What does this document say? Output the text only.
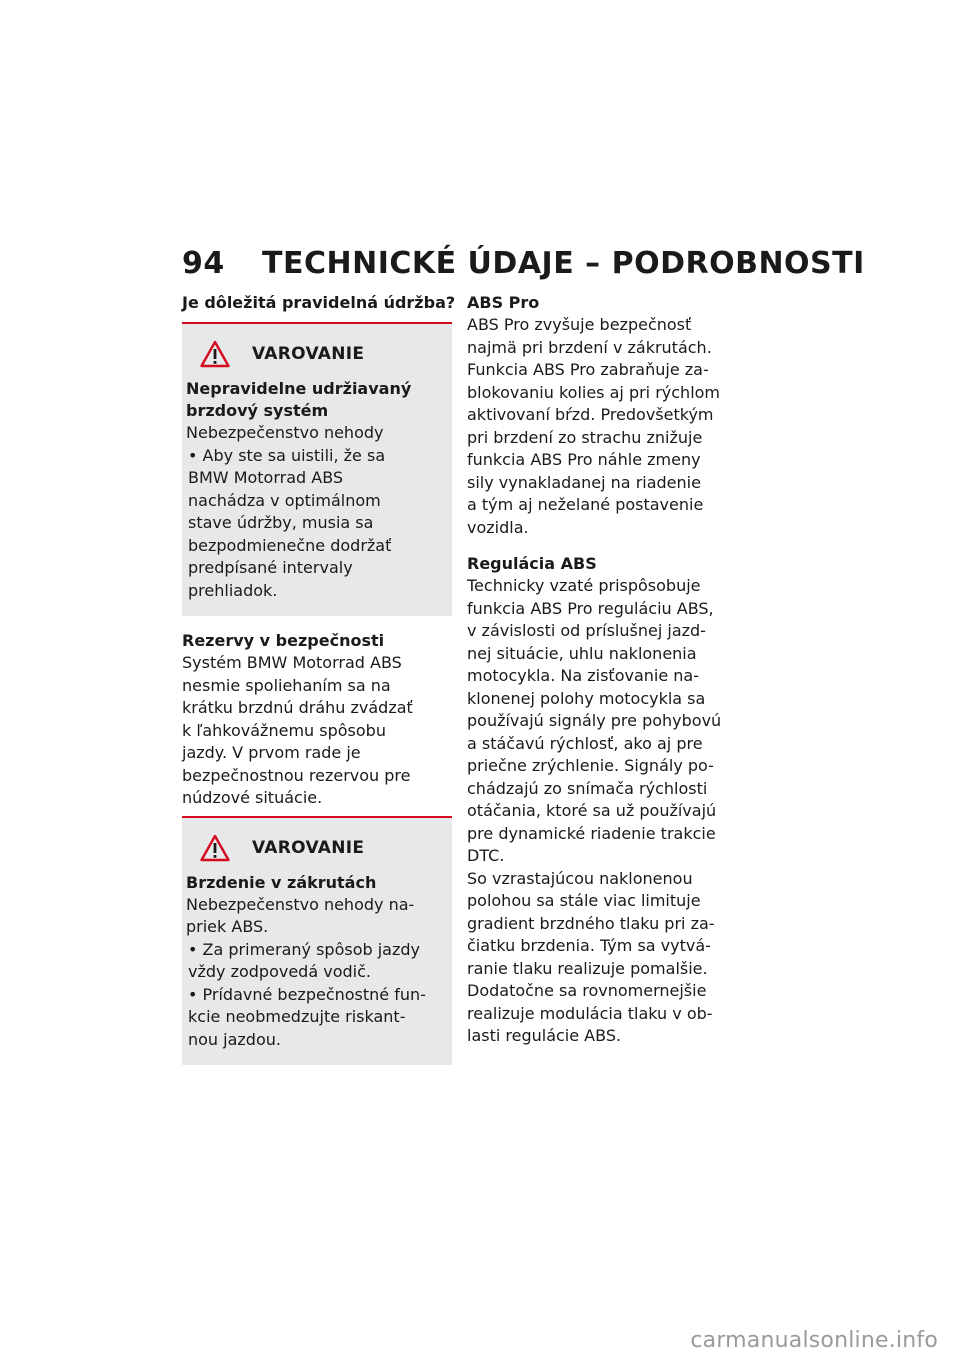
94 TECHNICKÉ ÚDAJE – PODROBNOSTI
Je dôležitá pravidelná údržba?
VAROVANIE
Nepravidelne udržiavaný
brzdový systém
Nebezpečenstvo nehody
• Aby ste sa uistili, že sa
BMW Motorrad ABS
nachádza v optimálnom
stave údržby, musia sa
bezpodmienečne dodržať
predpísané intervaly
prehliadok.
Rezervy v bezpečnosti
Systém BMW Motorrad ABS
nesmie spoliehaním sa na
krátku brzdnú dráhu zvádzať
k ľahkovážnemu spôsobu
jazdy. V prvom rade je
bezpečnostnou rezervou pre
núdzové situácie.
VAROVANIE
Brzdenie v zákrutách
Nebezpečenstvo nehody na-
priek ABS.
• Za primeraný spôsob jazdy
vždy zodpovedá vodič.
• Prídavné bezpečnostné fun-
kcie neobmedzujte riskant-
nou jazdou.
ABS Pro
ABS Pro zvyšuje bezpečnosť
najmä pri brzdení v zákrutách.
Funkcia ABS Pro zabraňuje za-
blokovaniu kolies aj pri rýchlom
aktivovaní bŕzd. Predovšetkým
pri brzdení zo strachu znižuje
funkcia ABS Pro náhle zmeny
sily vynakladanej na riadenie
a tým aj neželané postavenie
vozidla.
Regulácia ABS
Technicky vzaté prispôsobuje
funkcia ABS Pro reguláciu ABS,
v závislosti od príslušnej jazd-
nej situácie, uhlu naklonenia
motocykla. Na zisťovanie na-
klonenej polohy motocykla sa
používajú signály pre pohybovú
a stáčavú rýchlosť, ako aj pre
priečne zrýchlenie. Signály po-
chádzajú zo snímača rýchlosti
otáčania, ktoré sa už používajú
pre dynamické riadenie trakcie
DTC.
So vzrastajúcou naklonenou
polohou sa stále viac limituje
gradient brzdného tlaku pri za-
čiatku brzdenia. Tým sa vytvá-
ranie tlaku realizuje pomalšie.
Dodatočne sa rovnomernejšie
realizuje modulácia tlaku v ob-
lasti regulácie ABS.
carmanualsonline.info
